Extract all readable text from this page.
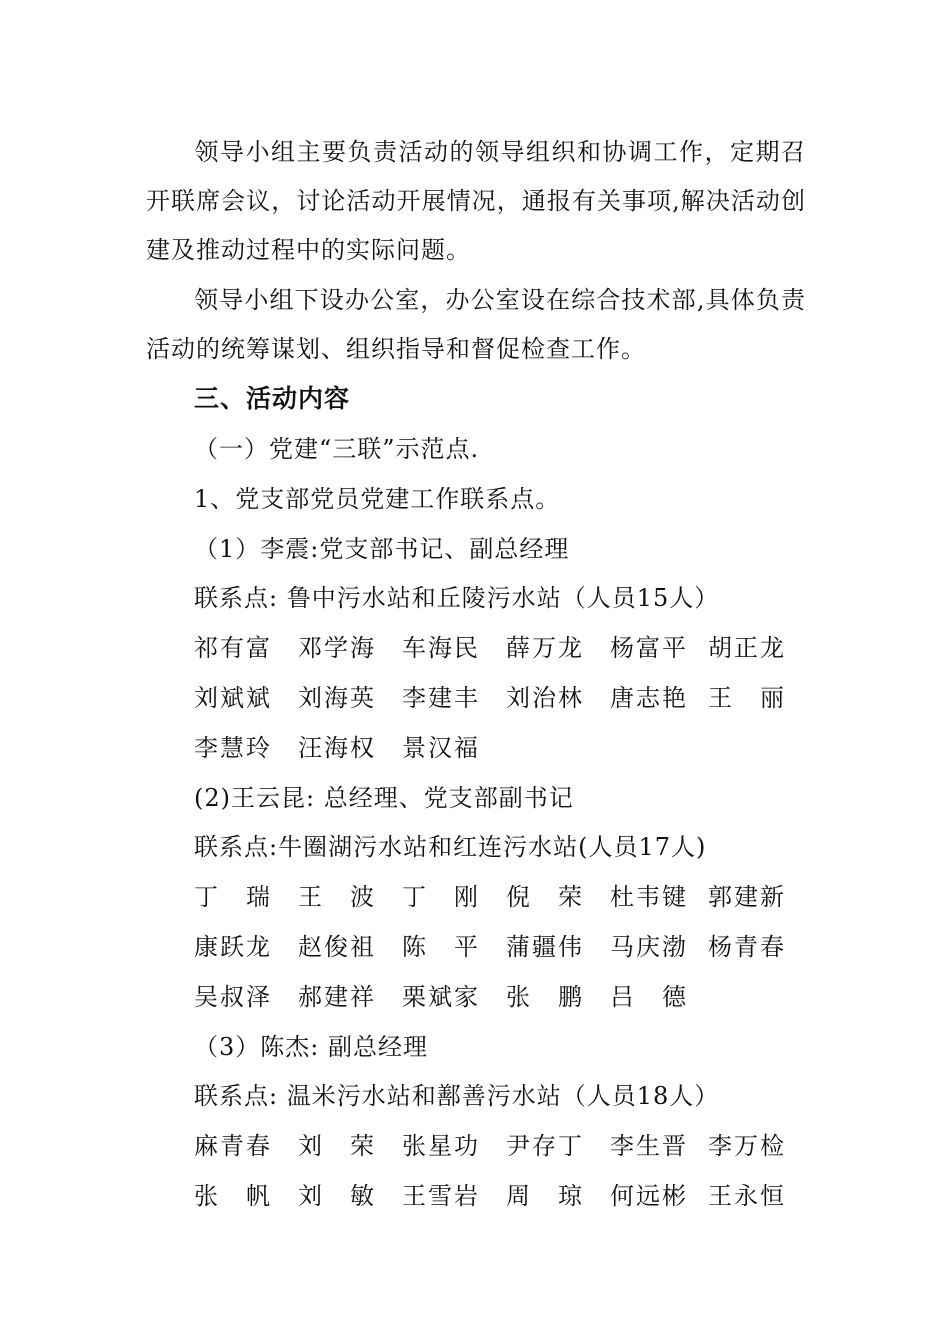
领导小组主要负责活动的领导组织和协调工作，定期召开联席会议，讨论活动开展情况，通报有关事项,解决活动创建及推动过程中的实际问题。

领导小组下设办公室，办公室设在综合技术部,具体负责活动的统筹谋划、组织指导和督促检查工作。

三、活动内容
（一）党建“三联”示范点.
1、党支部党员党建工作联系点。
（1）李震:党支部书记、副总经理
联系点: 鲁中污水站和丘陵污水站（人员15人）
祁有富 邓学海 车海民 薛万龙 杨富平 胡正龙
刘斌斌 刘海英 李建丰 刘治林 唐志艳 王 丽
李慧玲 汪海权 景汉福
(2)王云昆: 总经理、党支部副书记
联系点:牛圈湖污水站和红连污水站(人员17人)
丁 瑞 王 波 丁 刚 倪 荣 杜韦键 郭建新
康跃龙 赵俊祖 陈 平 蒲疆伟 马庆渤 杨青春
吴叔泽 郝建祥 栗斌家 张 鹏 吕 德
（3）陈杰: 副总经理
联系点: 温米污水站和鄯善污水站（人员18人）
麻青春 刘 荣 张星功 尹存丁 李生晋 李万检
张 帆 刘 敏 王雪岩 周 琼 何远彬 王永恒
